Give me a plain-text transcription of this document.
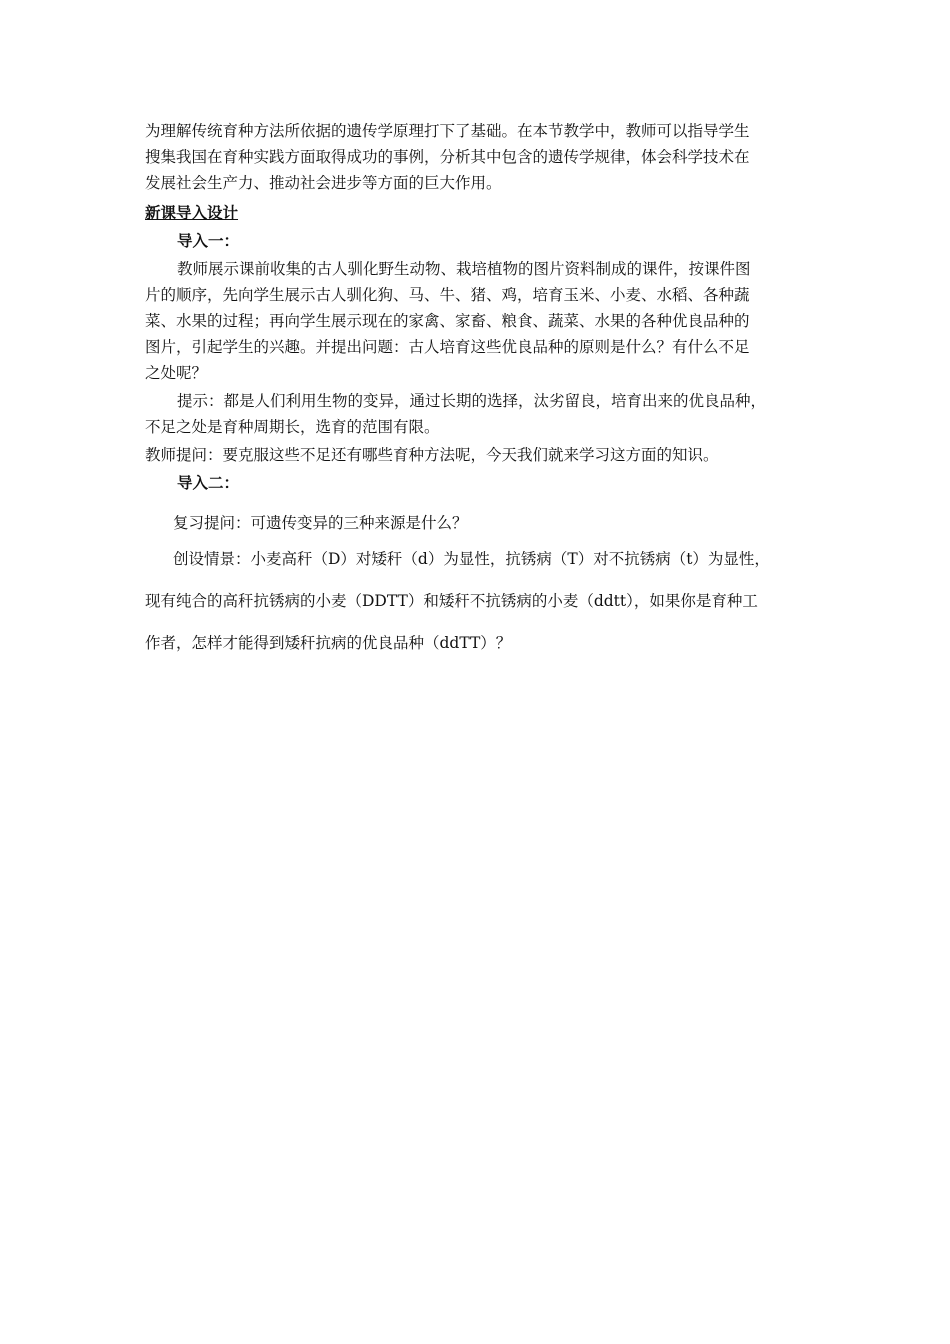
为理解传统育种方法所依据的遗传学原理打下了基础。在本节教学中，教师可以指导学生
搜集我国在育种实践方面取得成功的事例，分析其中包含的遗传学规律，体会科学技术在
发展社会生产力、推动社会进步等方面的巨大作用。

新课导入设计

导入一：

教师展示课前收集的古人驯化野生动物、栽培植物的图片资料制成的课件，按课件图
片的顺序，先向学生展示古人驯化狗、马、牛、猪、鸡，培育玉米、小麦、水稻、各种蔬
菜、水果的过程；再向学生展示现在的家禽、家畜、粮食、蔬菜、水果的各种优良品种的
图片，引起学生的兴趣。并提出问题：古人培育这些优良品种的原则是什么？有什么不足
之处呢？

提示：都是人们利用生物的变异，通过长期的选择，汰劣留良，培育出来的优良品种，
不足之处是育种周期长，选育的范围有限。

教师提问：要克服这些不足还有哪些育种方法呢，今天我们就来学习这方面的知识。

导入二：

复习提问：可遗传变异的三种来源是什么？

创设情景：小麦高秆（D）对矮秆（d）为显性，抗锈病（T）对不抗锈病（t）为显性，
现有纯合的高秆抗锈病的小麦（DDTT）和矮秆不抗锈病的小麦（ddtt），如果你是育种工
作者，怎样才能得到矮秆抗病的优良品种（ddTT）？
